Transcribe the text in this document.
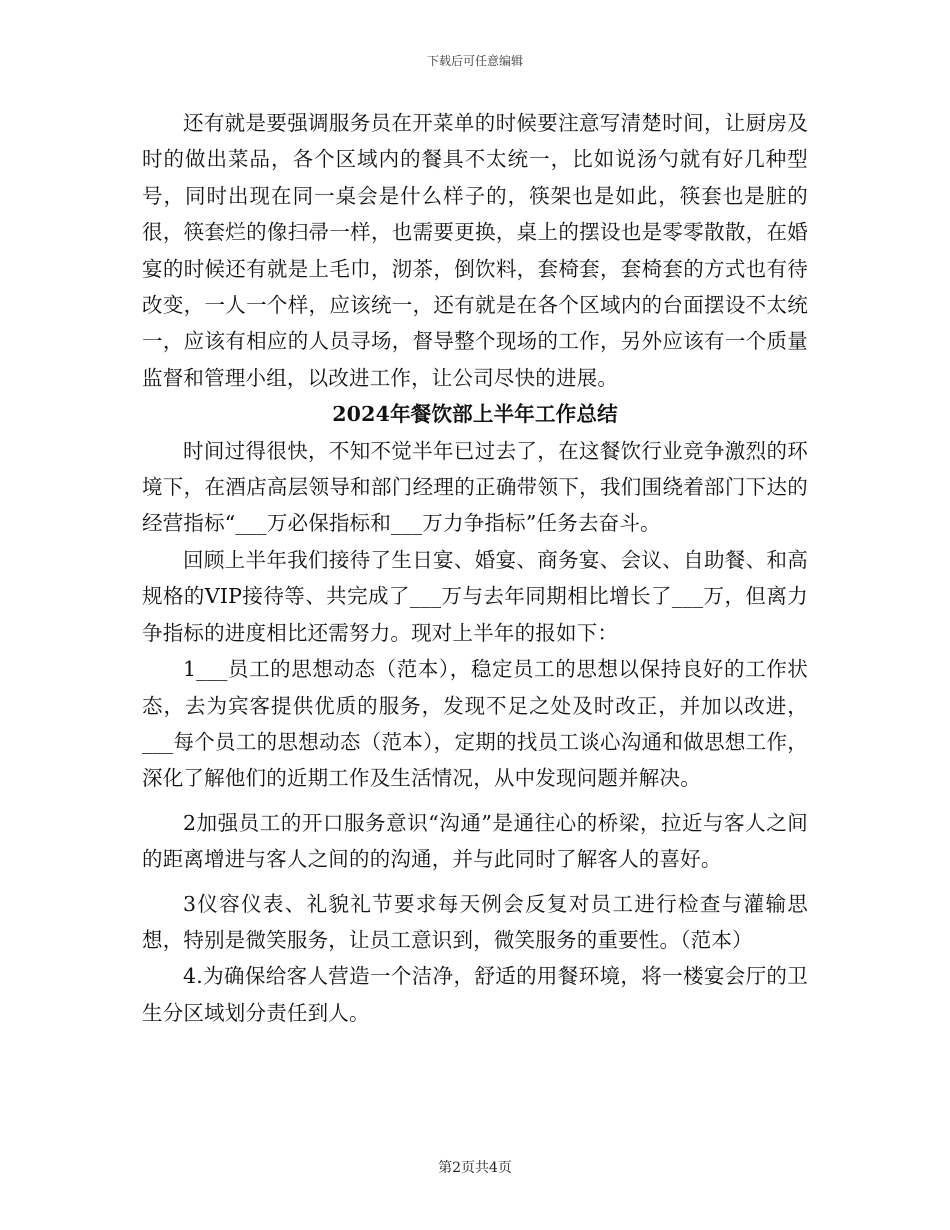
下载后可任意编辑

还有就是要强调服务员在开菜单的时候要注意写清楚时间，让厨房及时的做出菜品，各个区域内的餐具不太统一，比如说汤勺就有好几种型号，同时出现在同一桌会是什么样子的，筷架也是如此，筷套也是脏的很，筷套烂的像扫帚一样，也需要更换，桌上的摆设也是零零散散，在婚宴的时候还有就是上毛巾，沏茶，倒饮料，套椅套，套椅套的方式也有待改变，一人一个样，应该统一，还有就是在各个区域内的台面摆设不太统一，应该有相应的人员寻场，督导整个现场的工作，另外应该有一个质量监督和管理小组，以改进工作，让公司尽快的进展。

2024年餐饮部上半年工作总结

时间过得很快，不知不觉半年已过去了，在这餐饮行业竞争激烈的环境下，在酒店高层领导和部门经理的正确带领下，我们围绕着部门下达的经营指标“___万必保指标和___万力争指标”任务去奋斗。

回顾上半年我们接待了生日宴、婚宴、商务宴、会议、自助餐、和高规格的VIP接待等、共完成了___万与去年同期相比增长了___万，但离力争指标的进度相比还需努力。现对上半年的报如下：

1___员工的思想动态（范本），稳定员工的思想以保持良好的工作状态，去为宾客提供优质的服务，发现不足之处及时改正，并加以改进，___每个员工的思想动态（范本），定期的找员工谈心沟通和做思想工作，深化了解他们的近期工作及生活情况，从中发现问题并解决。

2加强员工的开口服务意识“沟通”是通往心的桥梁，拉近与客人之间的距离增进与客人之间的的沟通，并与此同时了解客人的喜好。

3仪容仪表、礼貌礼节要求每天例会反复对员工进行检查与灌输思想，特别是微笑服务，让员工意识到，微笑服务的重要性。（范本）

4.为确保给客人营造一个洁净，舒适的用餐环境，将一楼宴会厅的卫生分区域划分责任到人。

第2页共4页
